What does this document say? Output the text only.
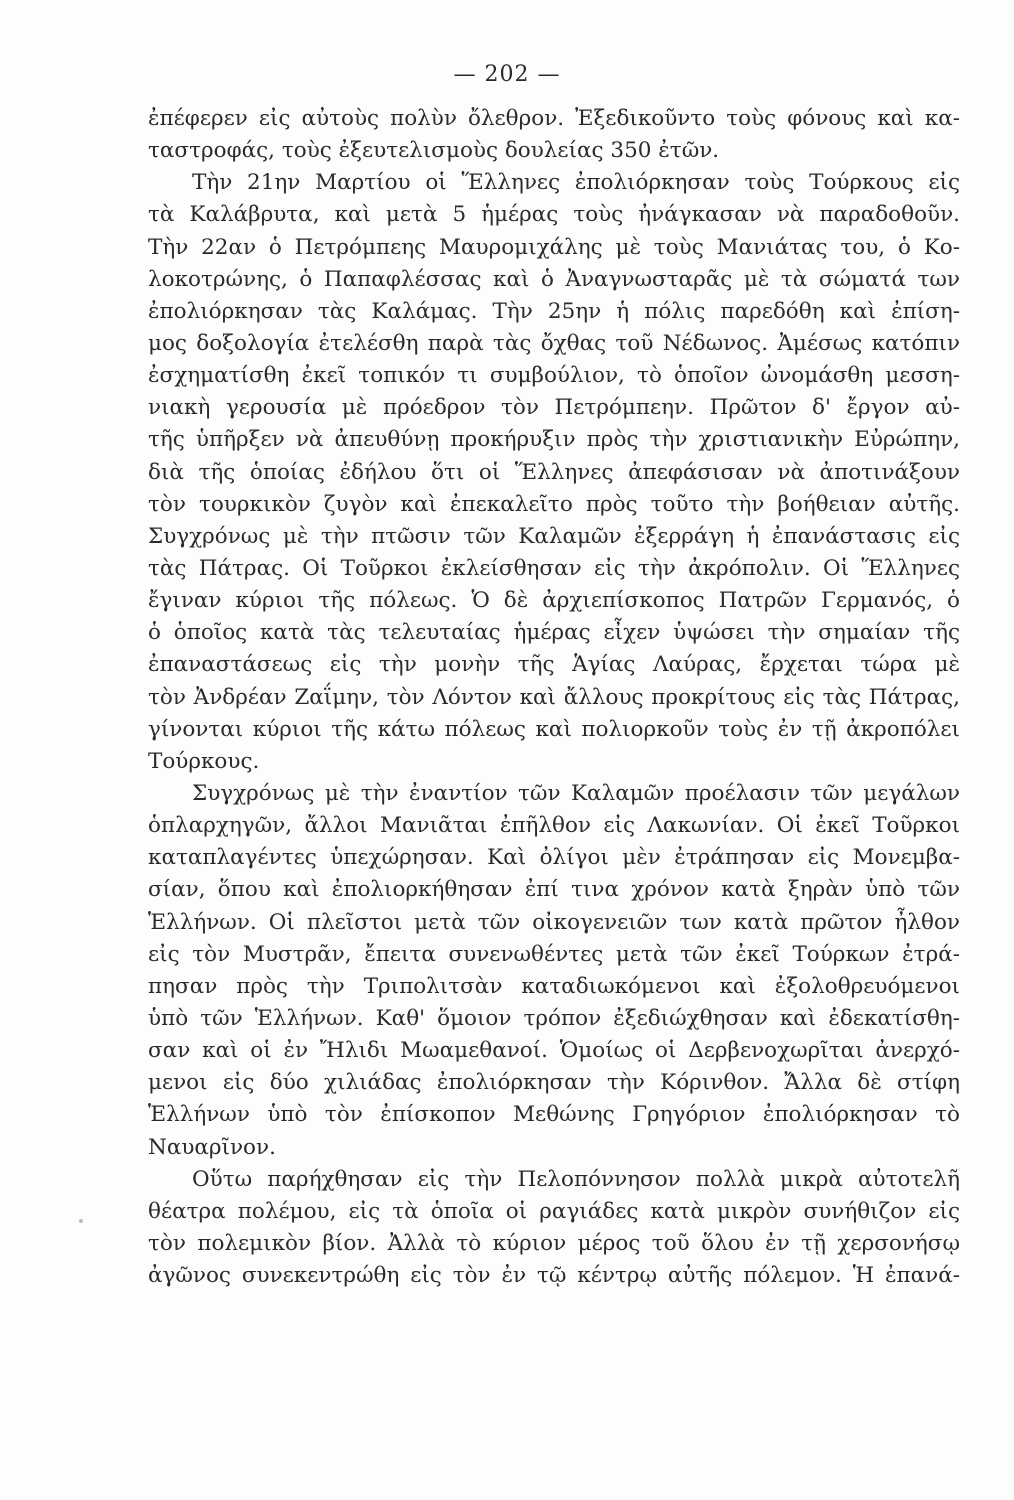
— 202 —
ἐπέφερεν εἰς αὐτοὺς πολὺν ὄλεθρον. Ἐξεδικοῦντο τοὺς φόνους καὶ κα-
ταστροφάς, τοὺς ἐξευτελισμοὺς δουλείας 350 ἐτῶν.
Τὴν 21ην Μαρτίου οἱ Ἕλληνες ἐπολιόρκησαν τοὺς Τούρκους εἰς
τὰ Καλάβρυτα, καὶ μετὰ 5 ἡμέρας τοὺς ἠνάγκασαν νὰ παραδοθοῦν.
Τὴν 22αν ὁ Πετρόμπεης Μαυρομιχάλης μὲ τοὺς Μανιάτας του, ὁ Κο-
λοκοτρώνης, ὁ Παπαφλέσσας καὶ ὁ Ἀναγνωσταρᾶς μὲ τὰ σώματά των
ἐπολιόρκησαν τὰς Καλάμας. Τὴν 25ην ἡ πόλις παρεδόθη καὶ ἐπίση-
μος δοξολογία ἐτελέσθη παρὰ τὰς ὄχθας τοῦ Νέδωνος. Ἀμέσως κατόπιν
ἐσχηματίσθη ἐκεῖ τοπικόν τι συμβούλιον, τὸ ὁποῖον ὠνομάσθη μεσση-
νιακὴ γερουσία μὲ πρόεδρον τὸν Πετρόμπεην. Πρῶτον δ' ἔργον αὐ-
τῆς ὑπῆρξεν νὰ ἀπευθύνῃ προκήρυξιν πρὸς τὴν χριστιανικὴν Εὐρώπην,
διὰ τῆς ὁποίας ἐδήλου ὅτι οἱ Ἕλληνες ἀπεφάσισαν νὰ ἀποτινάξουν
τὸν τουρκικὸν ζυγὸν καὶ ἐπεκαλεῖτο πρὸς τοῦτο τὴν βοήθειαν αὐτῆς.
Συγχρόνως μὲ τὴν πτῶσιν τῶν Καλαμῶν ἐξερράγη ἡ ἐπανάστασις εἰς
τὰς Πάτρας. Οἱ Τοῦρκοι ἐκλείσθησαν εἰς τὴν ἀκρόπολιν. Οἱ Ἕλληνες
ἔγιναν κύριοι τῆς πόλεως. Ὁ δὲ ἀρχιεπίσκοπος Πατρῶν Γερμανός, ὁ
ὁ ὁποῖος κατὰ τὰς τελευταίας ἡμέρας εἶχεν ὑψώσει τὴν σημαίαν τῆς
ἐπαναστάσεως εἰς τὴν μονὴν τῆς Ἁγίας Λαύρας, ἔρχεται τώρα μὲ
τὸν Ἀνδρέαν Ζαΐμην, τὸν Λόντον καὶ ἄλλους προκρίτους εἰς τὰς Πάτρας,
γίνονται κύριοι τῆς κάτω πόλεως καὶ πολιορκοῦν τοὺς ἐν τῇ ἀκροπόλει
Τούρκους.
Συγχρόνως μὲ τὴν ἐναντίον τῶν Καλαμῶν προέλασιν τῶν μεγάλων
ὁπλαρχηγῶν, ἄλλοι Μανιᾶται ἐπῆλθον εἰς Λακωνίαν. Οἱ ἐκεῖ Τοῦρκοι
καταπλαγέντες ὑπεχώρησαν. Καὶ ὀλίγοι μὲν ἐτράπησαν εἰς Μονεμβα-
σίαν, ὅπου καὶ ἐπολιορκήθησαν ἐπί τινα χρόνον κατὰ ξηρὰν ὑπὸ τῶν
Ἑλλήνων. Οἱ πλεῖστοι μετὰ τῶν οἰκογενειῶν των κατὰ πρῶτον ἦλθον
εἰς τὸν Μυστρᾶν, ἔπειτα συνενωθέντες μετὰ τῶν ἐκεῖ Τούρκων ἐτρά-
πησαν πρὸς τὴν Τριπολιτσὰν καταδιωκόμενοι καὶ ἐξολοθρευόμενοι
ὑπὸ τῶν Ἑλλήνων. Καθ' ὅμοιον τρόπον ἐξεδιώχθησαν καὶ ἐδεκατίσθη-
σαν καὶ οἱ ἐν Ἤλιδι Μωαμεθανοί. Ὁμοίως οἱ Δερβενοχωρῖται ἀνερχό-
μενοι εἰς δύο χιλιάδας ἐπολιόρκησαν τὴν Κόρινθον. Ἄλλα δὲ στίφη
Ἑλλήνων ὑπὸ τὸν ἐπίσκοπον Μεθώνης Γρηγόριον ἐπολιόρκησαν τὸ
Ναυαρῖνον.
Οὕτω παρήχθησαν εἰς τὴν Πελοπόννησον πολλὰ μικρὰ αὐτοτελῆ
θέατρα πολέμου, εἰς τὰ ὁποῖα οἱ ραγιάδες κατὰ μικρὸν συνήθιζον εἰς
τὸν πολεμικὸν βίον. Ἀλλὰ τὸ κύριον μέρος τοῦ ὅλου ἐν τῇ χερσονήσῳ
ἀγῶνος συνεκεντρώθη εἰς τὸν ἐν τῷ κέντρῳ αὐτῆς πόλεμον. Ἡ ἐπανά-
